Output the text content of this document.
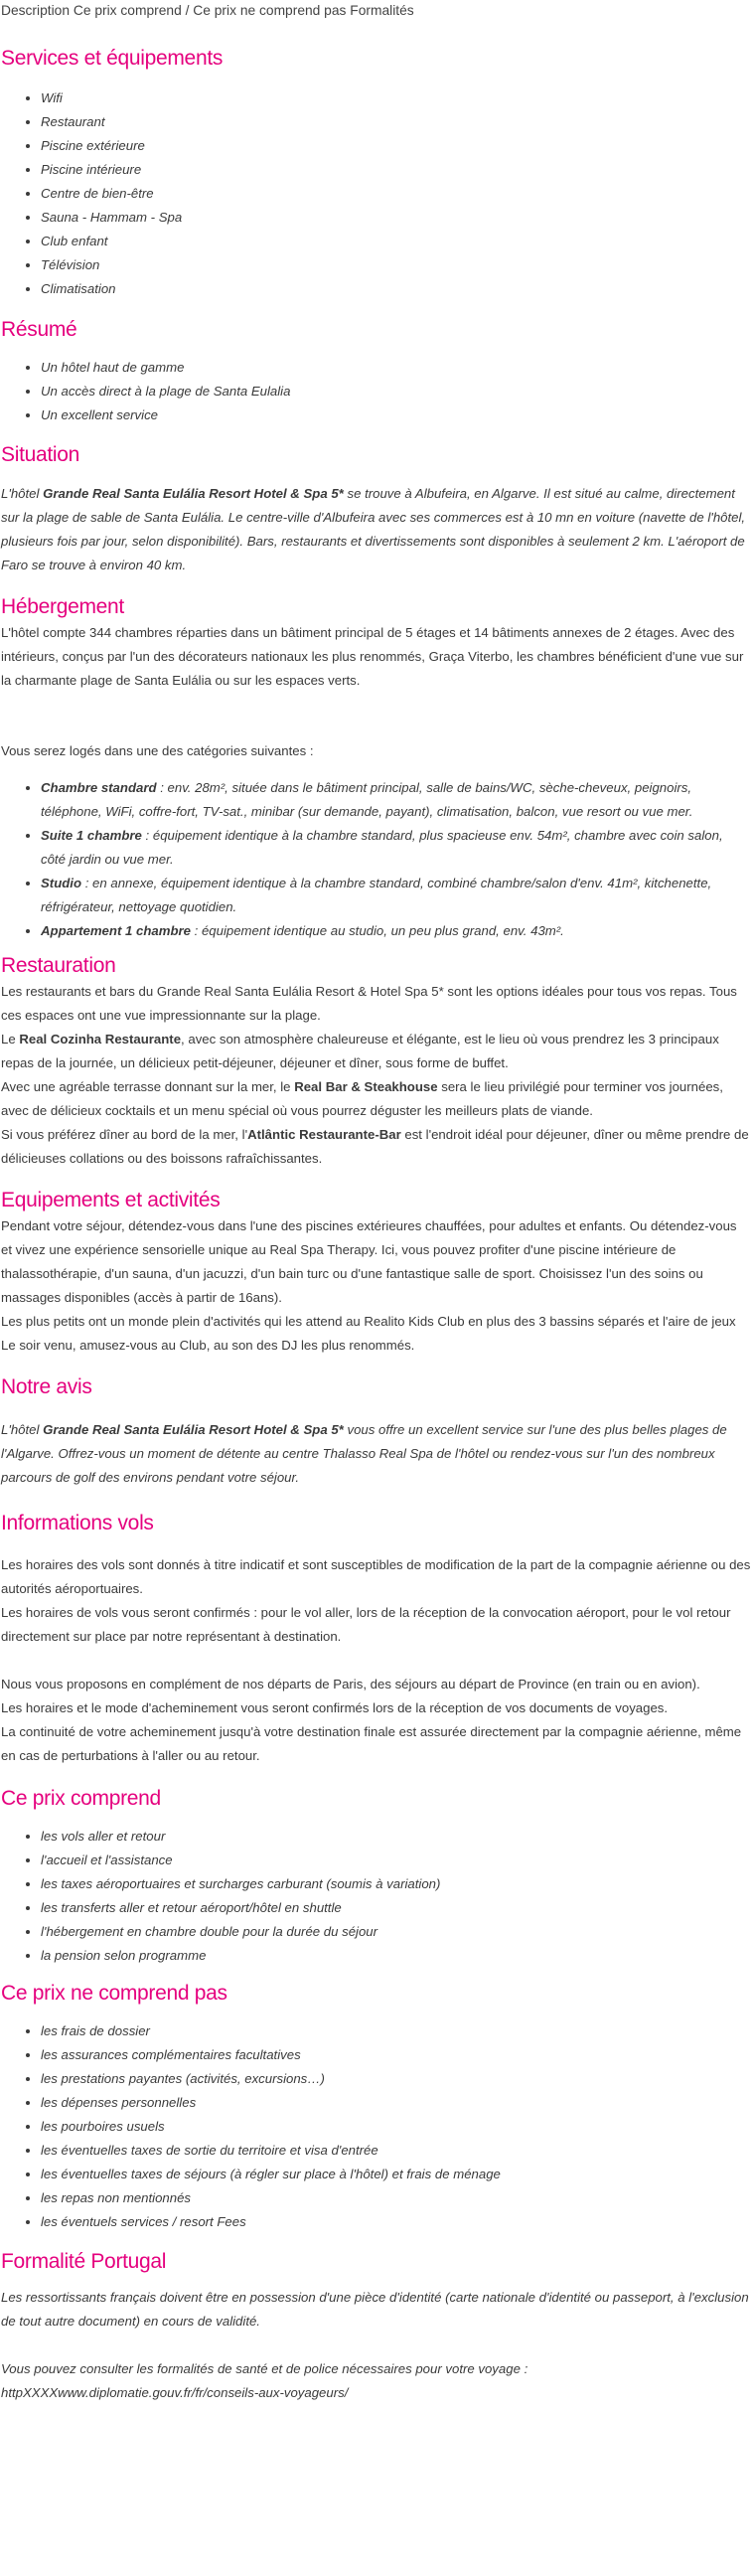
Description Ce prix comprend / Ce prix ne comprend pas Formalités
Services et équipements
• Wifi
• Restaurant
• Piscine extérieure
• Piscine intérieure
• Centre de bien-être
• Sauna - Hammam - Spa
• Club enfant
• Télévision
• Climatisation
Résumé
• Un hôtel haut de gamme
• Un accès direct à la plage de Santa Eulalia
• Un excellent service
Situation

L'hôtel Grande Real Santa Eulália Resort Hotel & Spa 5* se trouve à Albufeira, en Algarve. Il est situé au calme, directement sur la plage de sable de Santa Eulália. Le centre-ville d'Albufeira avec ses commerces est à 10 mn en voiture (navette de l'hôtel, plusieurs fois par jour, selon disponibilité). Bars, restaurants et divertissements sont disponibles à seulement 2 km. L'aéroport de Faro se trouve à environ 40 km.

Hébergement

L'hôtel compte 344 chambres réparties dans un bâtiment principal de 5 étages et 14 bâtiments annexes de 2 étages. Avec des intérieurs, conçus par l'un des décorateurs nationaux les plus renommés, Graça Viterbo, les chambres bénéficient d'une vue sur la charmante plage de Santa Eulália ou sur les espaces verts.

Vous serez logés dans une des catégories suivantes :

• Chambre standard : env. 28m², située dans le bâtiment principal, salle de bains/WC, sèche-cheveux, peignoirs, téléphone, WiFi, coffre-fort, TV-sat., minibar (sur demande, payant), climatisation, balcon, vue resort ou vue mer.
• Suite 1 chambre : équipement identique à la chambre standard, plus spacieuse env. 54m², chambre avec coin salon, côté jardin ou vue mer.
• Studio : en annexe, équipement identique à la chambre standard, combiné chambre/salon d'env. 41m², kitchenette, réfrigérateur, nettoyage quotidien.
• Appartement 1 chambre : équipement identique au studio, un peu plus grand, env. 43m².
Restauration

Les restaurants et bars du Grande Real Santa Eulália Resort & Hotel Spa 5* sont les options idéales pour tous vos repas. Tous ces espaces ont une vue impressionnante sur la plage.

Le Real Cozinha Restaurante, avec son atmosphère chaleureuse et élégante, est le lieu où vous prendrez les 3 principaux repas de la journée, un délicieux petit-déjeuner, déjeuner et dîner, sous forme de buffet.

Avec une agréable terrasse donnant sur la mer, le Real Bar & Steakhouse sera le lieu privilégié pour terminer vos journées, avec de délicieux cocktails et un menu spécial où vous pourrez déguster les meilleurs plats de viande.

Si vous préférez dîner au bord de la mer, l'Atlântic Restaurante-Bar est l'endroit idéal pour déjeuner, dîner ou même prendre de délicieuses collations ou des boissons rafraîchissantes.

Equipements et activités

Pendant votre séjour, détendez-vous dans l'une des piscines extérieures chauffées, pour adultes et enfants. Ou détendez-vous et vivez une expérience sensorielle unique au Real Spa Therapy. Ici, vous pouvez profiter d'une piscine intérieure de thalassothérapie, d'un sauna, d'un jacuzzi, d'un bain turc ou d'une fantastique salle de sport. Choisissez l'un des soins ou massages disponibles (accès à partir de 16ans).

Les plus petits ont un monde plein d'activités qui les attend au Realito Kids Club en plus des 3 bassins séparés et l'aire de jeux

Le soir venu, amusez-vous au Club, au son des DJ les plus renommés.

Notre avis

L'hôtel Grande Real Santa Eulália Resort Hotel & Spa 5* vous offre un excellent service sur l'une des plus belles plages de l'Algarve. Offrez-vous un moment de détente au centre Thalasso Real Spa de l'hôtel ou rendez-vous sur l'un des nombreux parcours de golf des environs pendant votre séjour.

Informations vols

Les horaires des vols sont donnés à titre indicatif et sont susceptibles de modification de la part de la compagnie aérienne ou des autorités aéroportuaires.

Les horaires de vols vous seront confirmés : pour le vol aller, lors de la réception de la convocation aéroport, pour le vol retour directement sur place par notre représentant à destination.

Nous vous proposons en complément de nos départs de Paris, des séjours au départ de Province (en train ou en avion).

Les horaires et le mode d'acheminement vous seront confirmés lors de la réception de vos documents de voyages.

La continuité de votre acheminement jusqu'à votre destination finale est assurée directement par la compagnie aérienne, même en cas de perturbations à l'aller ou au retour.

Ce prix comprend
• les vols aller et retour
• l'accueil et l'assistance
• les taxes aéroportuaires et surcharges carburant (soumis à variation)
• les transferts aller et retour aéroport/hôtel en shuttle
• l'hébergement en chambre double pour la durée du séjour
• la pension selon programme
Ce prix ne comprend pas
• les frais de dossier
• les assurances complémentaires facultatives
• les prestations payantes (activités, excursions…)
• les dépenses personnelles
• les pourboires usuels
• les éventuelles taxes de sortie du territoire et visa d'entrée
• les éventuelles taxes de séjours (à régler sur place à l'hôtel) et frais de ménage
• les repas non mentionnés
• les éventuels services / resort Fees
Formalité Portugal

Les ressortissants français doivent être en possession d'une pièce d'identité (carte nationale d'identité ou passeport, à l'exclusion de tout autre document) en cours de validité.

Vous pouvez consulter les formalités de santé et de police nécessaires pour votre voyage :

httpXXXXwww.diplomatie.gouv.fr/fr/conseils-aux-voyageurs/
